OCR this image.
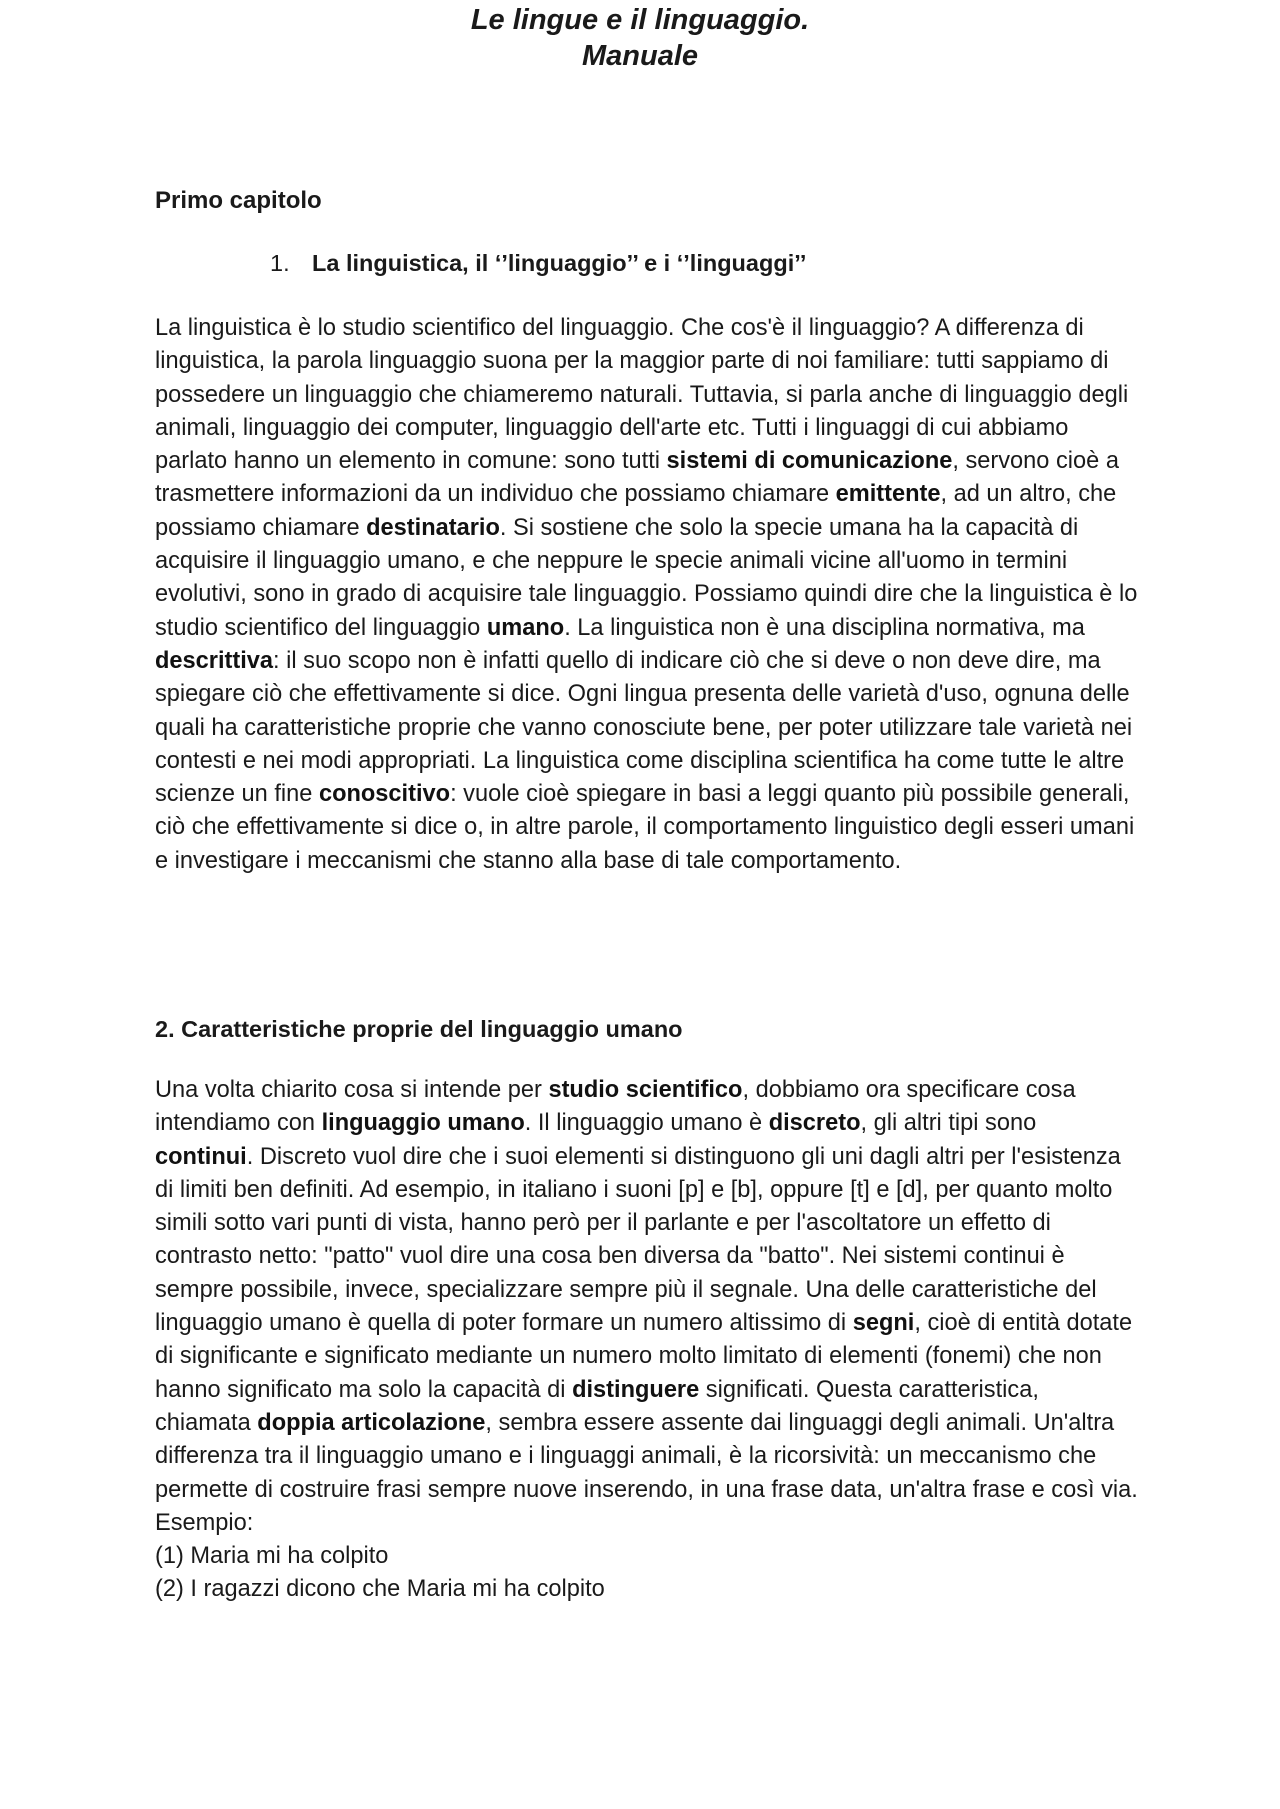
Le lingue e il linguaggio.
Manuale
Primo capitolo
1. La linguistica, il ‘’linguaggio’’ e i ‘’linguaggi’’

La linguistica è lo studio scientifico del linguaggio. Che cos'è il linguaggio? A differenza di linguistica, la parola linguaggio suona per la maggior parte di noi familiare: tutti sappiamo di possedere un linguaggio che chiameremo naturali. Tuttavia, si parla anche di linguaggio degli animali, linguaggio dei computer, linguaggio dell'arte etc. Tutti i linguaggi di cui abbiamo parlato hanno un elemento in comune: sono tutti sistemi di comunicazione, servono cioè a trasmettere informazioni da un individuo che possiamo chiamare emittente, ad un altro, che possiamo chiamare destinatario. Si sostiene che solo la specie umana ha la capacità di acquisire il linguaggio umano, e che neppure le specie animali vicine all'uomo in termini evolutivi, sono in grado di acquisire tale linguaggio. Possiamo quindi dire che la linguistica è lo studio scientifico del linguaggio umano. La linguistica non è una disciplina normativa, ma descrittiva: il suo scopo non è infatti quello di indicare ciò che si deve o non deve dire, ma spiegare ciò che effettivamente si dice. Ogni lingua presenta delle varietà d'uso, ognuna delle quali ha caratteristiche proprie che vanno conosciute bene, per poter utilizzare tale varietà nei contesti e nei modi appropriati. La linguistica come disciplina scientifica ha come tutte le altre scienze un fine conoscitivo: vuole cioè spiegare in basi a leggi quanto più possibile generali, ciò che effettivamente si dice o, in altre parole, il comportamento linguistico degli esseri umani e investigare i meccanismi che stanno alla base di tale comportamento.

2. Caratteristiche proprie del linguaggio umano

Una volta chiarito cosa si intende per studio scientifico, dobbiamo ora specificare cosa intendiamo con linguaggio umano. Il linguaggio umano è discreto, gli altri tipi sono continui. Discreto vuol dire che i suoi elementi si distinguono gli uni dagli altri per l'esistenza di limiti ben definiti. Ad esempio, in italiano i suoni [p] e [b], oppure [t] e [d], per quanto molto simili sotto vari punti di vista, hanno però per il parlante e per l'ascoltatore un effetto di contrasto netto: "patto" vuol dire una cosa ben diversa da "batto". Nei sistemi continui è sempre possibile, invece, specializzare sempre più il segnale. Una delle caratteristiche del linguaggio umano è quella di poter formare un numero altissimo di segni, cioè di entità dotate di significante e significato mediante un numero molto limitato di elementi (fonemi) che non hanno significato ma solo la capacità di distinguere significati. Questa caratteristica, chiamata doppia articolazione, sembra essere assente dai linguaggi degli animali. Un'altra differenza tra il linguaggio umano e i linguaggi animali, è la ricorsività: un meccanismo che permette di costruire frasi sempre nuove inserendo, in una frase data, un'altra frase e così via. Esempio:

(1) Maria mi ha colpito

(2) I ragazzi dicono che Maria mi ha colpito
